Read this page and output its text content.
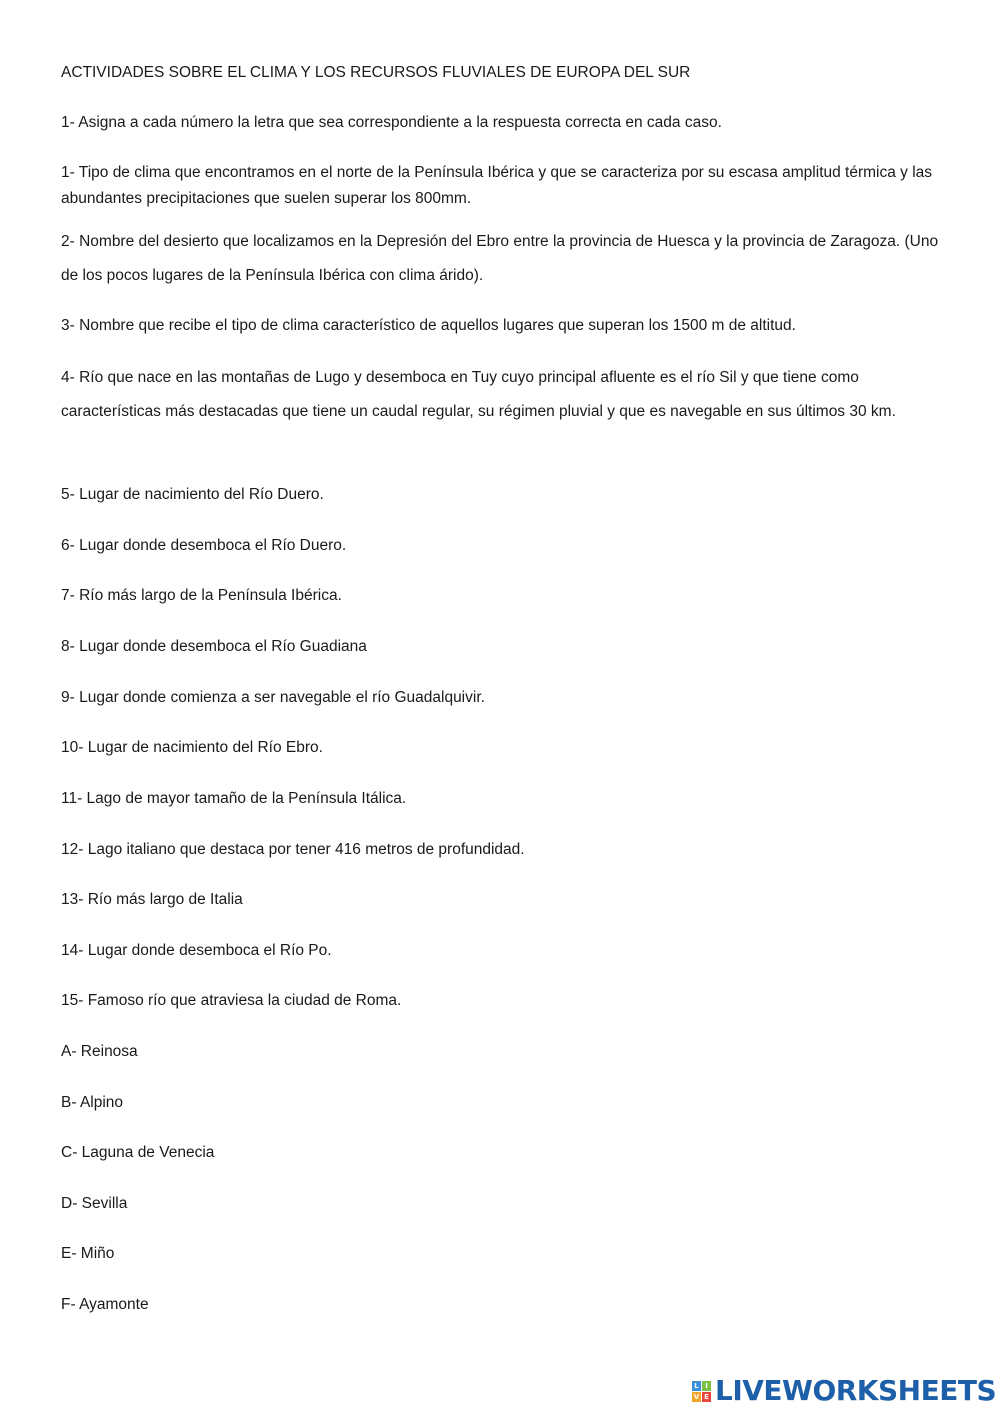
ACTIVIDADES SOBRE EL CLIMA Y LOS RECURSOS FLUVIALES DE EUROPA DEL SUR
1- Asigna a cada número la letra que sea correspondiente a la respuesta correcta en cada caso.
1- Tipo de clima que encontramos en el norte de la Península Ibérica y que se caracteriza por su escasa amplitud térmica y las abundantes precipitaciones que suelen superar los 800mm.
2- Nombre del desierto que localizamos en la Depresión del Ebro entre la provincia de Huesca y la provincia de Zaragoza. (Uno de los pocos lugares de la Península Ibérica con clima árido).
3- Nombre que recibe el tipo de clima característico de aquellos lugares que superan los 1500 m de altitud.
4- Río que nace en las montañas de Lugo y desemboca en Tuy cuyo principal afluente es el río Sil y que tiene como características más destacadas que tiene un caudal regular, su régimen pluvial y que es navegable en sus últimos 30 km.
5- Lugar de nacimiento del Río Duero.
6- Lugar donde desemboca el Río Duero.
7- Río más largo de la Península Ibérica.
8- Lugar donde desemboca el Río Guadiana
9- Lugar donde comienza a ser navegable el río Guadalquivir.
10- Lugar de nacimiento del Río Ebro.
11- Lago de mayor tamaño de la Península Itálica.
12- Lago italiano que destaca por tener 416 metros de profundidad.
13- Río más largo de Italia
14- Lugar donde desemboca el Río Po.
15- Famoso río que atraviesa la ciudad de Roma.
A- Reinosa
B- Alpino
C- Laguna de Venecia
D- Sevilla
E- Miño
F- Ayamonte
L I
V E LIVEWORKSHEETS
